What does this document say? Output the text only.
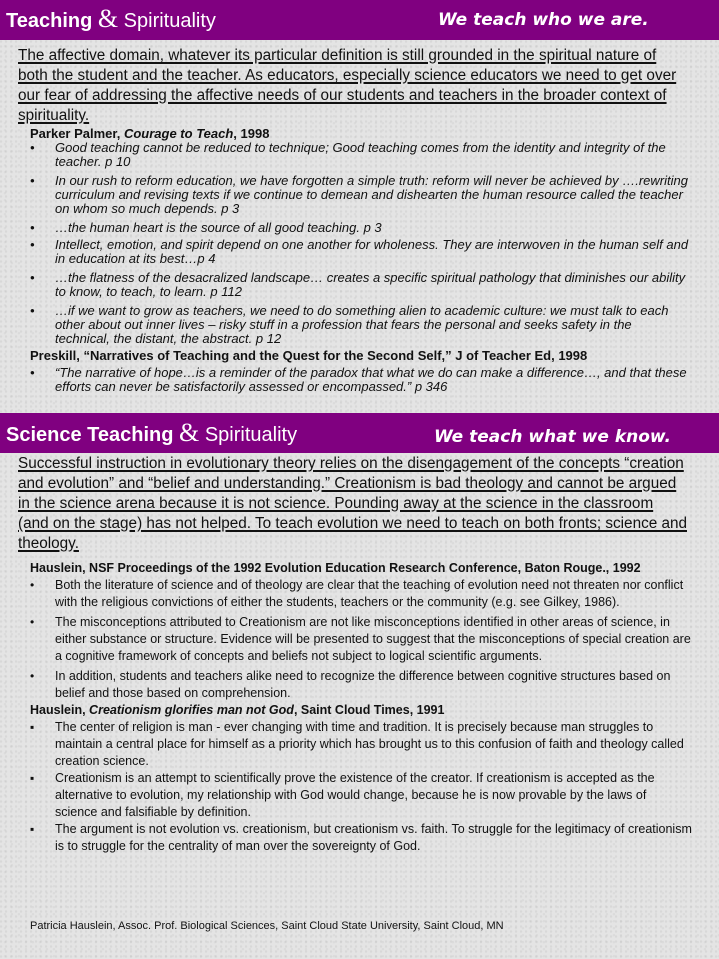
Teaching & Spirituality	We teach who we are.

The affective domain, whatever its particular definition is still grounded in the spiritual nature of both the student and the teacher. As educators, especially science educators we need to get over our fear of addressing the affective needs of our students and teachers in the broader context of spirituality.

Parker Palmer, Courage to Teach, 1998

• Good teaching cannot be reduced to technique; Good teaching comes from the identity and integrity of the teacher. p 10
• In our rush to reform education, we have forgotten a simple truth: reform will never be achieved by ….rewriting curriculum and revising texts if we continue to demean and dishearten the human resource called the teacher on whom so much depends. p 3
• …the human heart is the source of all good teaching. p 3
• Intellect, emotion, and spirit depend on one another for wholeness. They are interwoven in the human self and in education at its best…p 4
• …the flatness of the desacralized landscape… creates a specific spiritual pathology that diminishes our ability to know, to teach, to learn. p 112
• …if we want to grow as teachers, we need to do something alien to academic culture: we must talk to each other about out inner lives – risky stuff in a profession that fears the personal and seeks safety in the technical, the distant, the abstract. p 12

Preskill, “Narratives of Teaching and the Quest for the Second Self,” J of Teacher Ed, 1998

• “The narrative of hope…is a reminder of the paradox that what we do can make a difference…, and that these efforts can never be satisfactorily assessed or encompassed.” p 346
Science Teaching & Spirituality	We teach what we know.

Successful instruction in evolutionary theory relies on the disengagement of the concepts “creation and evolution” and “belief and understanding.” Creationism is bad theology and cannot be argued in the science arena because it is not science. Pounding away at the science in the classroom (and on the stage) has not helped. To teach evolution we need to teach on both fronts; science and theology.

Hauslein, NSF Proceedings of the 1992 Evolution Education Research Conference, Baton Rouge., 1992

• Both the literature of science and of theology are clear that the teaching of evolution need not threaten nor conflict with the religious convictions of either the students, teachers or the community (e.g. see Gilkey, 1986).
• The misconceptions attributed to Creationism are not like misconceptions identified in other areas of science, in either substance or structure. Evidence will be presented to suggest that the misconceptions of special creation are a cognitive framework of concepts and beliefs not subject to logical scientific arguments.
• In addition, students and teachers alike need to recognize the difference between cognitive structures based on belief and those based on comprehension.

Hauslein, Creationism glorifies man not God, Saint Cloud Times, 1991

▪ The center of religion is man - ever changing with time and tradition. It is precisely because man struggles to maintain a central place for himself as a priority which has brought us to this confusion of faith and theology called creation science.
▪ Creationism is an attempt to scientifically prove the existence of the creator. If creationism is accepted as the alternative to evolution, my relationship with God would change, because he is now provable by the laws of science and falsifiable by definition.
▪ The argument is not evolution vs. creationism, but creationism vs. faith. To struggle for the legitimacy of creationism is to struggle for the centrality of man over the sovereignty of God.

Patricia Hauslein, Assoc. Prof. Biological Sciences, Saint Cloud State University, Saint Cloud, MN
